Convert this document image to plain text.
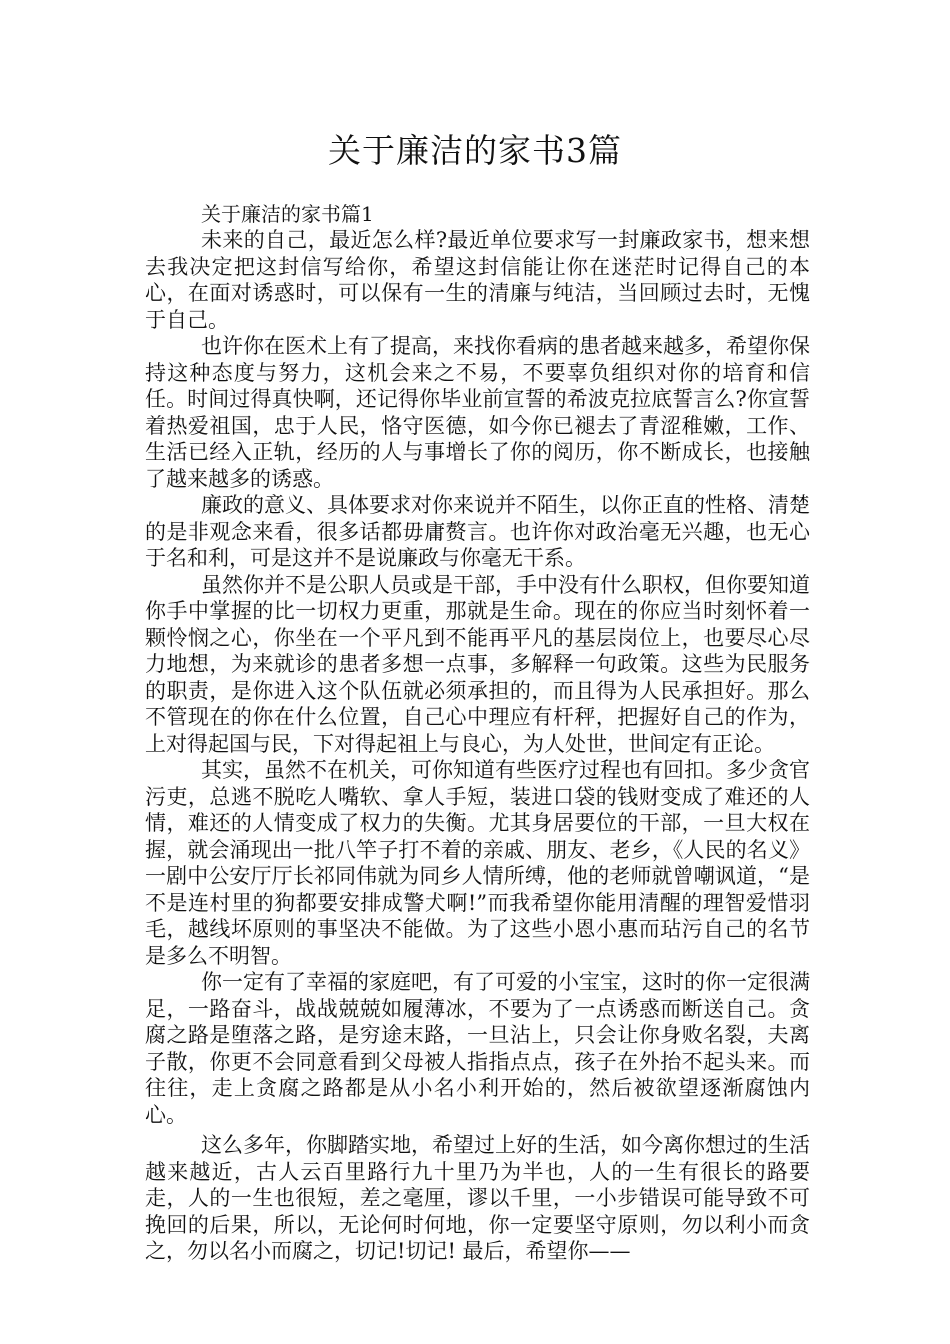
关于廉洁的家书3篇

关于廉洁的家书篇1

未来的自己，最近怎么样?最近单位要求写一封廉政家书，想来想去我决定把这封信写给你，希望这封信能让你在迷茫时记得自己的本心，在面对诱惑时，可以保有一生的清廉与纯洁，当回顾过去时，无愧于自己。

也许你在医术上有了提高，来找你看病的患者越来越多，希望你保持这种态度与努力，这机会来之不易，不要辜负组织对你的培育和信任。时间过得真快啊，还记得你毕业前宣誓的希波克拉底誓言么?你宣誓着热爱祖国，忠于人民，恪守医德，如今你已褪去了青涩稚嫩，工作、生活已经入正轨，经历的人与事增长了你的阅历，你不断成长，也接触了越来越多的诱惑。

廉政的意义、具体要求对你来说并不陌生，以你正直的性格、清楚的是非观念来看，很多话都毋庸赘言。也许你对政治毫无兴趣，也无心于名和利，可是这并不是说廉政与你毫无干系。

虽然你并不是公职人员或是干部，手中没有什么职权，但你要知道你手中掌握的比一切权力更重，那就是生命。现在的你应当时刻怀着一颗怜悯之心，你坐在一个平凡到不能再平凡的基层岗位上，也要尽心尽力地想，为来就诊的患者多想一点事，多解释一句政策。这些为民服务的职责，是你进入这个队伍就必须承担的，而且得为人民承担好。那么不管现在的你在什么位置，自己心中理应有杆秤，把握好自己的作为，上对得起国与民，下对得起祖上与良心，为人处世，世间定有正论。

其实，虽然不在机关，可你知道有些医疗过程也有回扣。多少贪官污吏，总逃不脱吃人嘴软、拿人手短，装进口袋的钱财变成了难还的人情，难还的人情变成了权力的失衡。尤其身居要位的干部，一旦大权在握，就会涌现出一批八竿子打不着的亲戚、朋友、老乡，《人民的名义》一剧中公安厅厅长祁同伟就为同乡人情所缚，他的老师就曾嘲讽道，“是不是连村里的狗都要安排成警犬啊!”而我希望你能用清醒的理智爱惜羽毛，越线坏原则的事坚决不能做。为了这些小恩小惠而玷污自己的名节是多么不明智。

你一定有了幸福的家庭吧，有了可爱的小宝宝，这时的你一定很满足，一路奋斗，战战兢兢如履薄冰，不要为了一点诱惑而断送自己。贪腐之路是堕落之路，是穷途末路，一旦沾上，只会让你身败名裂，夫离子散，你更不会同意看到父母被人指指点点，孩子在外抬不起头来。而往往，走上贪腐之路都是从小名小利开始的，然后被欲望逐渐腐蚀内心。

这么多年，你脚踏实地，希望过上好的生活，如今离你想过的生活越来越近，古人云百里路行九十里乃为半也，人的一生有很长的路要走，人的一生也很短，差之毫厘，谬以千里，一小步错误可能导致不可挽回的后果，所以，无论何时何地，你一定要坚守原则，勿以利小而贪之，勿以名小而腐之，切记!切记! 最后，希望你——
